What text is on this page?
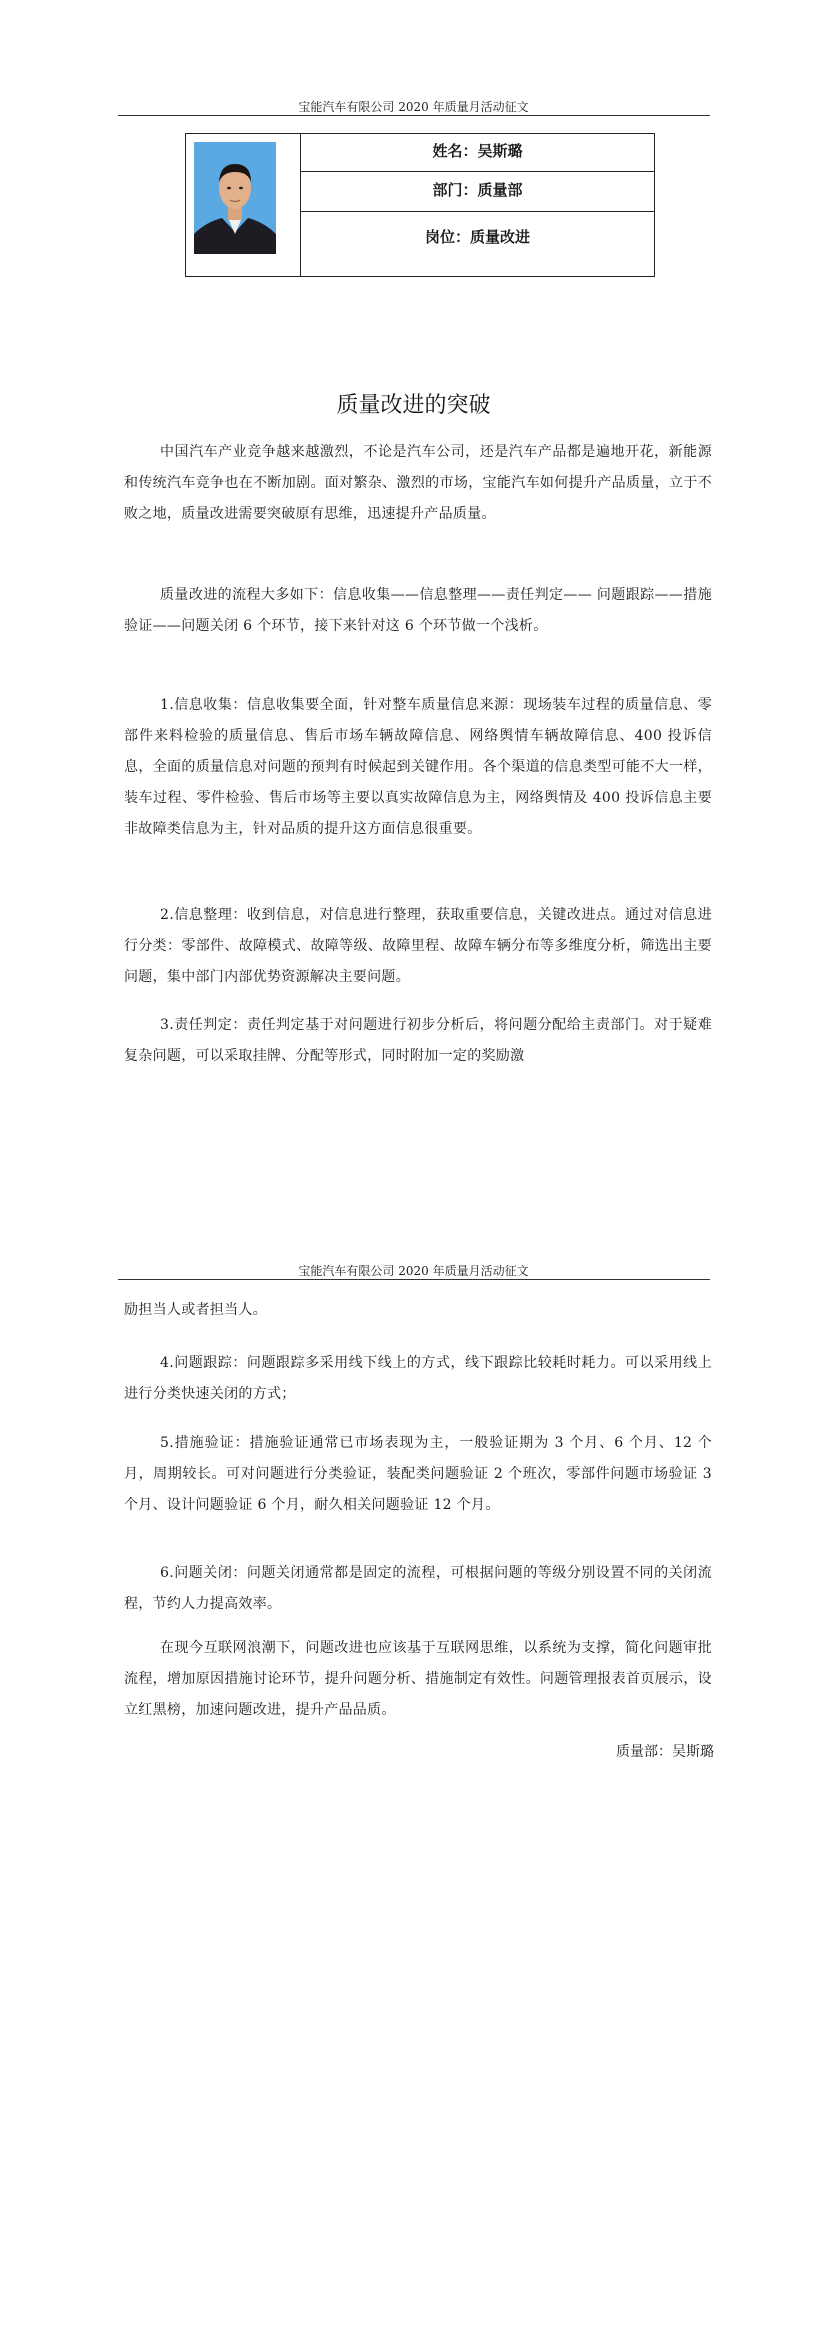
宝能汽车有限公司 2020 年质量月活动征文
姓名：吴斯璐
部门：质量部
岗位：质量改进
质量改进的突破

中国汽车产业竞争越来越激烈，不论是汽车公司，还是汽车产品都是遍地开花，新能源和传统汽车竞争也在不断加剧。面对繁杂、激烈的市场，宝能汽车如何提升产品质量，立于不败之地，质量改进需要突破原有思维，迅速提升产品质量。

质量改进的流程大多如下：信息收集——信息整理——责任判定—— 问题跟踪——措施验证——问题关闭 6 个环节，接下来针对这 6 个环节做一个浅析。

1.信息收集：信息收集要全面，针对整车质量信息来源：现场装车过程的质量信息、零部件来料检验的质量信息、售后市场车辆故障信息、网络舆情车辆故障信息、400 投诉信息，全面的质量信息对问题的预判有时候起到关键作用。各个渠道的信息类型可能不大一样，装车过程、零件检验、售后市场等主要以真实故障信息为主，网络舆情及 400 投诉信息主要非故障类信息为主，针对品质的提升这方面信息很重要。

2.信息整理：收到信息，对信息进行整理，获取重要信息，关键改进点。通过对信息进行分类：零部件、故障模式、故障等级、故障里程、故障车辆分布等多维度分析，筛选出主要问题，集中部门内部优势资源解决主要问题。

3.责任判定：责任判定基于对问题进行初步分析后，将问题分配给主责部门。对于疑难复杂问题，可以采取挂牌、分配等形式，同时附加一定的奖励激

宝能汽车有限公司 2020 年质量月活动征文

励担当人或者担当人。

4.问题跟踪：问题跟踪多采用线下线上的方式，线下跟踪比较耗时耗力。可以采用线上进行分类快速关闭的方式；

5.措施验证：措施验证通常已市场表现为主，一般验证期为 3 个月、6 个月、12 个月，周期较长。可对问题进行分类验证，装配类问题验证 2 个班次，零部件问题市场验证 3 个月、设计问题验证 6 个月，耐久相关问题验证 12 个月。

6.问题关闭：问题关闭通常都是固定的流程，可根据问题的等级分别设置不同的关闭流程，节约人力提高效率。

在现今互联网浪潮下，问题改进也应该基于互联网思维，以系统为支撑，简化问题审批流程，增加原因措施讨论环节，提升问题分析、措施制定有效性。问题管理报表首页展示，设立红黑榜，加速问题改进，提升产品品质。

质量部：吴斯璐
